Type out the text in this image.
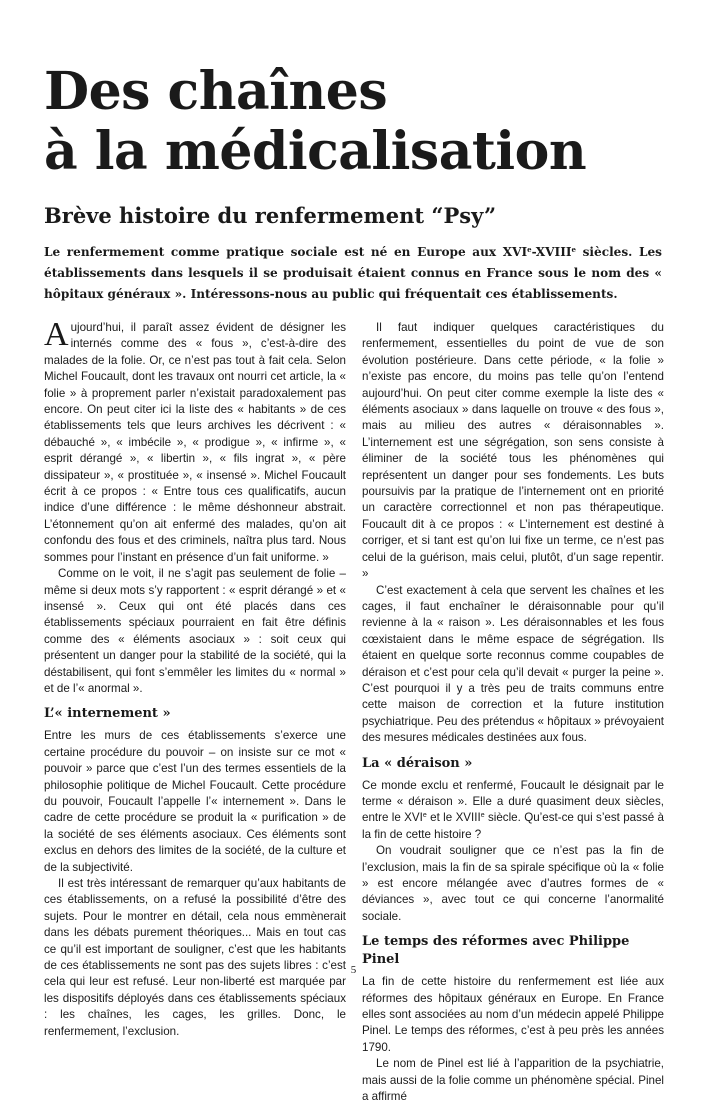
Des chaînes
à la médicalisation
Brève histoire du renfermement “Psy”

Le renfermement comme pratique sociale est né en Europe aux XVIe-XVIIIe siècles. Les établissements dans lesquels il se produisait étaient connus en France sous le nom des « hôpitaux généraux ». Intéressons-nous au public qui fréquentait ces établissements.

Aujourd’hui, il paraît assez évident de désigner les internés comme des « fous », c’est-à-dire des malades de la folie. Or, ce n’est pas tout à fait cela. Selon Michel Foucault, dont les travaux ont nourri cet article, la « folie » à proprement parler n’existait paradoxalement pas encore. On peut citer ici la liste des « habitants » de ces établissements tels que leurs archives les décrivent : « débauché », « imbécile », « prodigue », « infirme », « esprit dérangé », « libertin », « fils ingrat », « père dissipateur », « prostituée », « insensé ». Michel Foucault écrit à ce propos : « Entre tous ces qualificatifs, aucun indice d’une différence : le même déshonneur abstrait. L’étonnement qu’on ait enfermé des malades, qu’on ait confondu des fous et des criminels, naîtra plus tard. Nous sommes pour l’instant en présence d’un fait uniforme. »

Comme on le voit, il ne s’agit pas seulement de folie – même si deux mots s’y rapportent : « esprit dérangé » et « insensé ». Ceux qui ont été placés dans ces établissements spéciaux pourraient en fait être définis comme des « éléments asociaux » : soit ceux qui présentent un danger pour la stabilité de la société, qui la déstabilisent, qui font s’emmêler les limites du « normal » et de l’« anormal ».

L’« internement »

Entre les murs de ces établissements s’exerce une certaine procédure du pouvoir – on insiste sur ce mot « pouvoir » parce que c’est l’un des termes essentiels de la philosophie politique de Michel Foucault. Cette procédure du pouvoir, Foucault l’appelle l’« internement ». Dans le cadre de cette procédure se produit la « purification » de la société de ses éléments asociaux. Ces éléments sont exclus en dehors des limites de la société, de la culture et de la subjectivité.

Il est très intéressant de remarquer qu’aux habitants de ces établissements, on a refusé la possibilité d’être des sujets. Pour le montrer en détail, cela nous emmènerait dans les débats purement théoriques... Mais en tout cas ce qu’il est important de souligner, c’est que les habitants de ces établissements ne sont pas des sujets libres : c’est cela qui leur est refusé. Leur non-liberté est marquée par les dispositifs déployés dans ces établissements spéciaux : les chaînes, les cages, les grilles. Donc, le renfermement, l’exclusion.

Il faut indiquer quelques caractéristiques du renfermement, essentielles du point de vue de son évolution postérieure. Dans cette période, « la folie » n’existe pas encore, du moins pas telle qu’on l’entend aujourd’hui. On peut citer comme exemple la liste des « éléments asociaux » dans laquelle on trouve « des fous », mais au milieu des autres « déraisonnables ». L’internement est une ségrégation, son sens consiste à éliminer de la société tous les phénomènes qui représentent un danger pour ses fondements. Les buts poursuivis par la pratique de l’internement ont en priorité un caractère correctionnel et non pas thérapeutique. Foucault dit à ce propos : « L’internement est destiné à corriger, et si tant est qu’on lui fixe un terme, ce n’est pas celui de la guérison, mais celui, plutôt, d’un sage repentir. »

C’est exactement à cela que servent les chaînes et les cages, il faut enchaîner le déraisonnable pour qu’il revienne à la « raison ». Les déraisonnables et les fous cœxistaient dans le même espace de ségrégation. Ils étaient en quelque sorte reconnus comme coupables de déraison et c’est pour cela qu’il devait « purger la peine ». C’est pourquoi il y a très peu de traits communs entre cette maison de correction et la future institution psychiatrique. Peu des prétendus « hôpitaux » prévoyaient des mesures médicales destinées aux fous.

La « déraison »

Ce monde exclu et renfermé, Foucault le désignait par le terme « déraison ». Elle a duré quasiment deux siècles, entre le XVIe et le XVIIIe siècle. Qu’est-ce qui s’est passé à la fin de cette histoire ?

On voudrait souligner que ce n’est pas la fin de l’exclusion, mais la fin de sa spirale spécifique où la « folie » est encore mélangée avec d’autres formes de « déviances », avec tout ce qui concerne l’anormalité sociale.

Le temps des réformes avec Philippe Pinel

La fin de cette histoire du renfermement est liée aux réformes des hôpitaux généraux en Europe. En France elles sont associées au nom d’un médecin appelé Philippe Pinel. Le temps des réformes, c’est à peu près les années 1790.

Le nom de Pinel est lié à l’apparition de la psychiatrie, mais aussi de la folie comme un phénomène spécial. Pinel a affirmé

5
